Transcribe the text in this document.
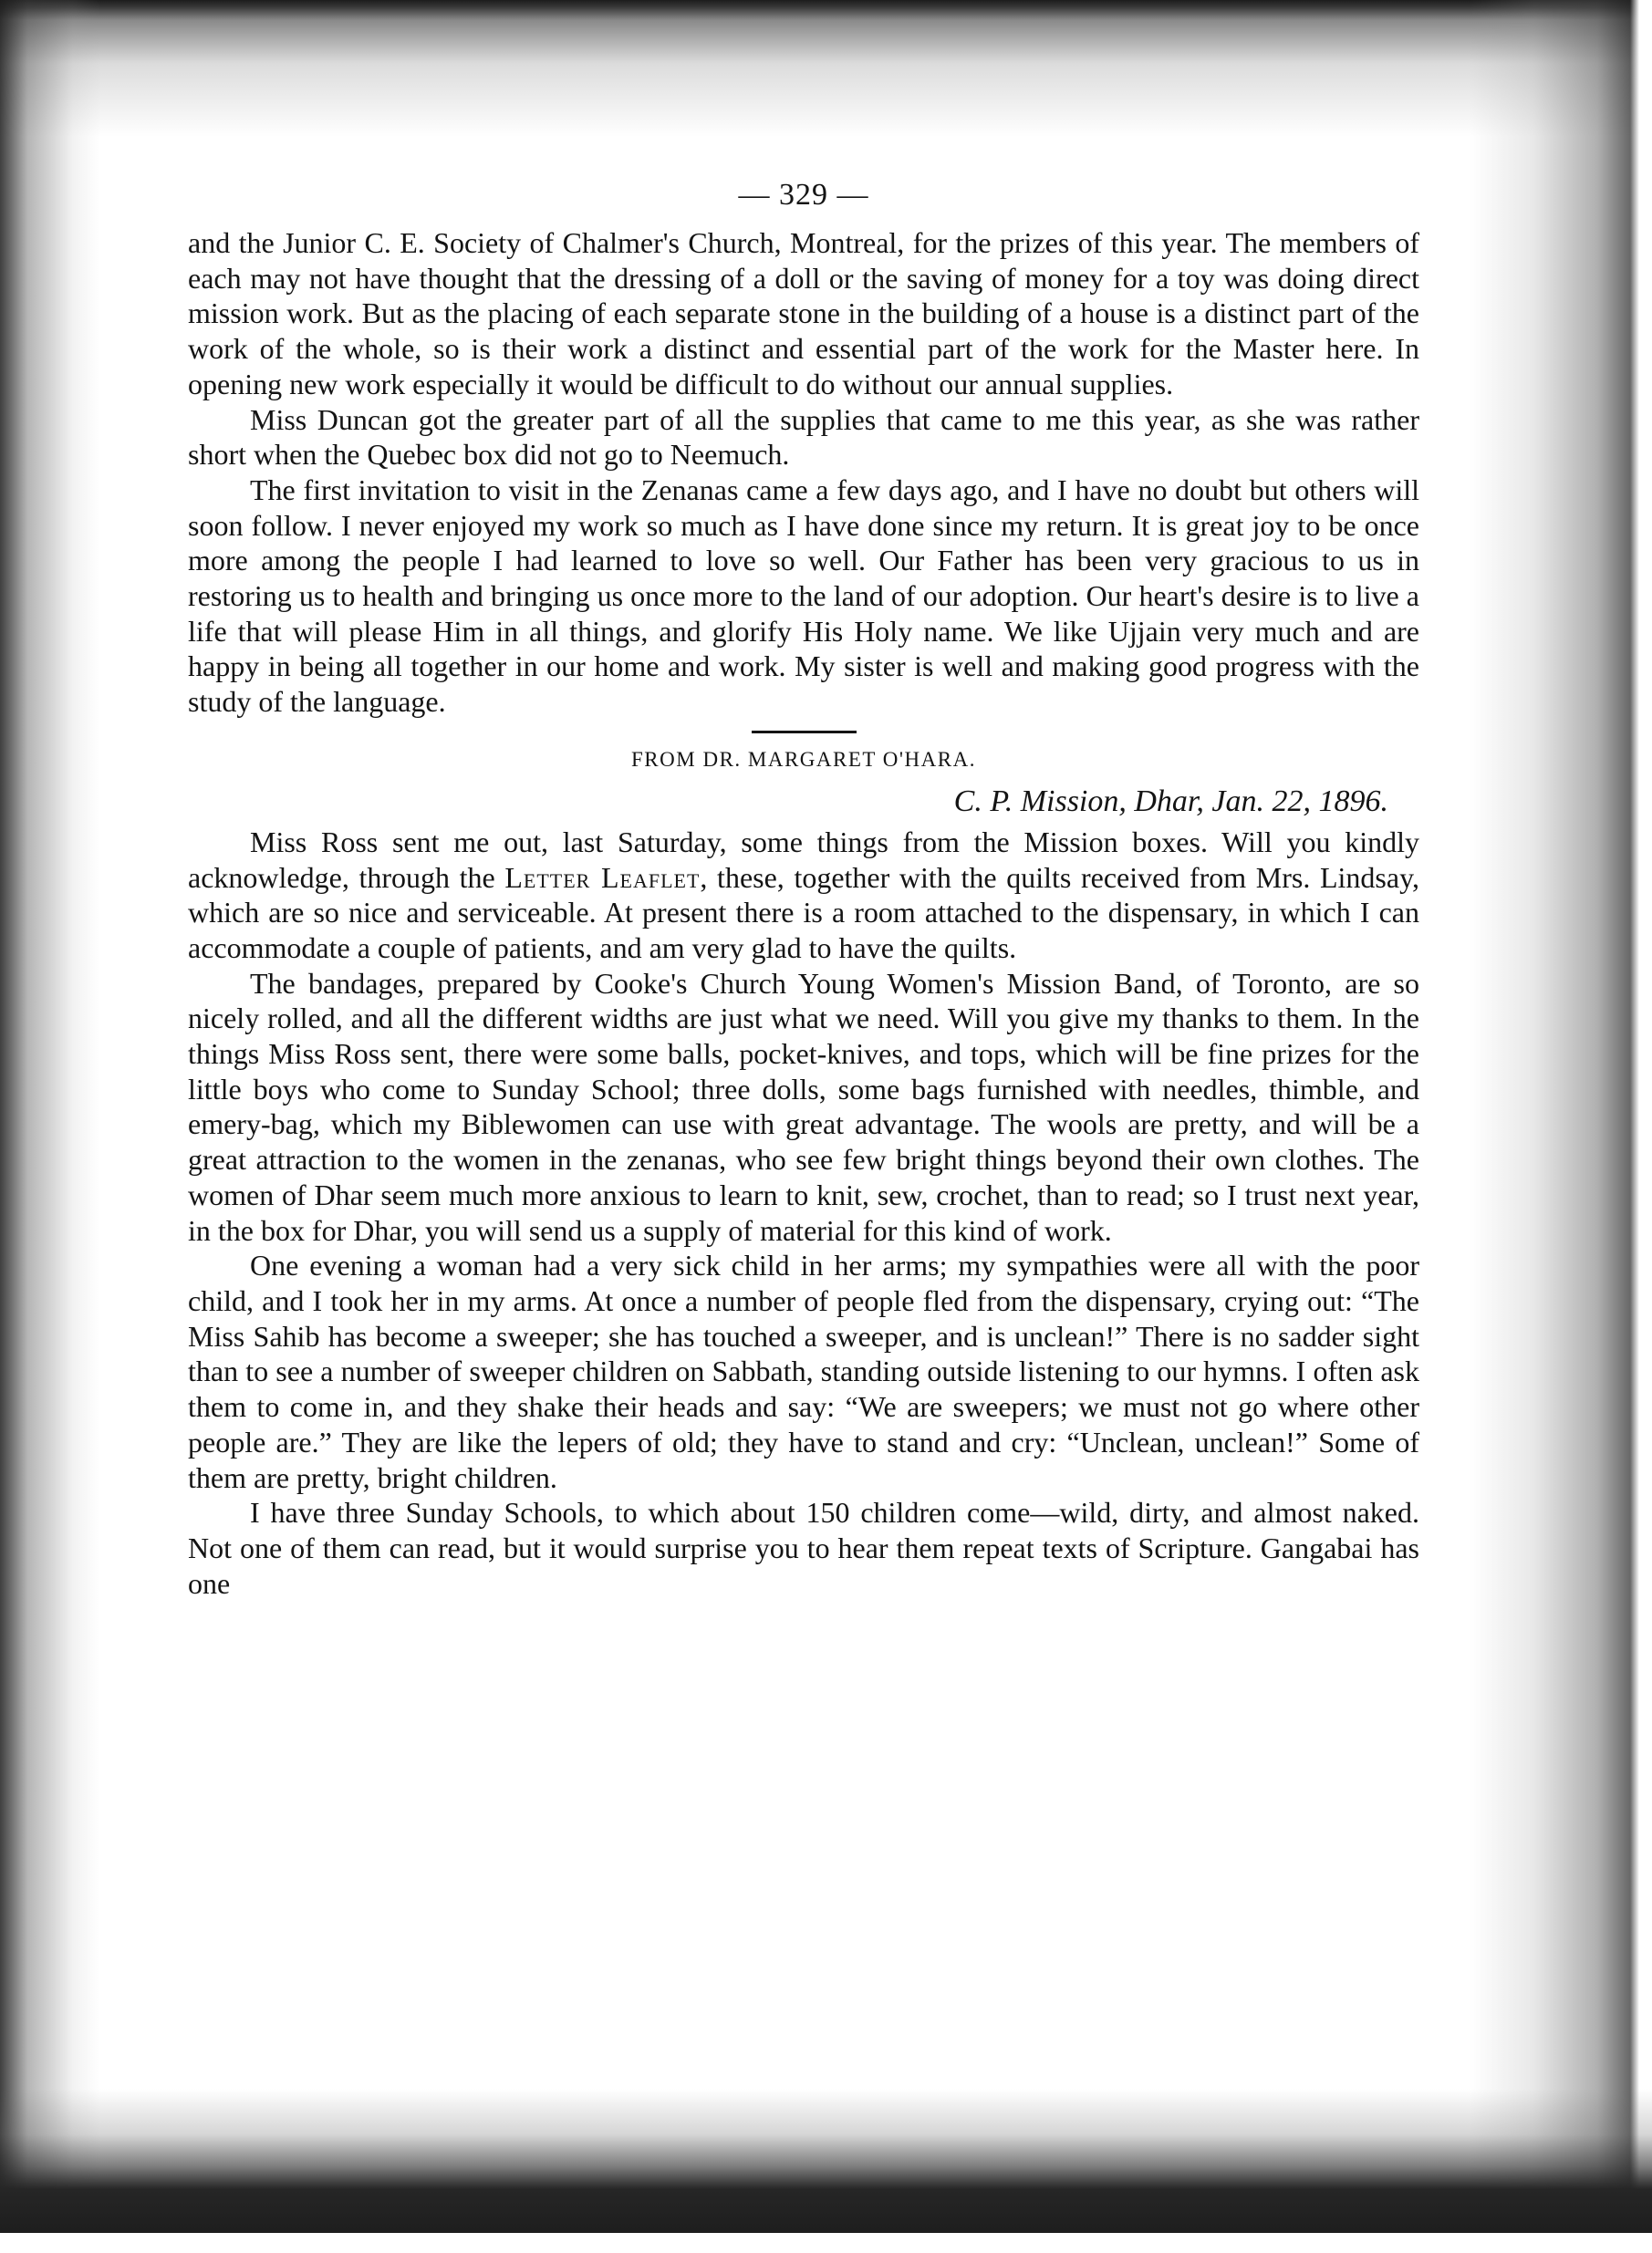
— 329 —

and the Junior C. E. Society of Chalmer's Church, Montreal, for the prizes of this year. The members of each may not have thought that the dressing of a doll or the saving of money for a toy was doing direct mission work. But as the placing of each separate stone in the building of a house is a distinct part of the work of the whole, so is their work a distinct and essential part of the work for the Master here. In opening new work especially it would be difficult to do without our annual supplies.

Miss Duncan got the greater part of all the supplies that came to me this year, as she was rather short when the Quebec box did not go to Neemuch.

The first invitation to visit in the Zenanas came a few days ago, and I have no doubt but others will soon follow. I never enjoyed my work so much as I have done since my return. It is great joy to be once more among the people I had learned to love so well. Our Father has been very gracious to us in restoring us to health and bringing us once more to the land of our adoption. Our heart's desire is to live a life that will please Him in all things, and glorify His Holy name. We like Ujjain very much and are happy in being all together in our home and work. My sister is well and making good progress with the study of the language.

FROM DR. MARGARET O'HARA.
C. P. Mission, Dhar, Jan. 22, 1896.

Miss Ross sent me out, last Saturday, some things from the Mission boxes. Will you kindly acknowledge, through the Letter Leaflet, these, together with the quilts received from Mrs. Lindsay, which are so nice and serviceable. At present there is a room attached to the dispensary, in which I can accommodate a couple of patients, and am very glad to have the quilts.

The bandages, prepared by Cooke's Church Young Women's Mission Band, of Toronto, are so nicely rolled, and all the different widths are just what we need. Will you give my thanks to them. In the things Miss Ross sent, there were some balls, pocket-knives, and tops, which will be fine prizes for the little boys who come to Sunday School; three dolls, some bags furnished with needles, thimble, and emery-bag, which my Biblewomen can use with great advantage. The wools are pretty, and will be a great attraction to the women in the zenanas, who see few bright things beyond their own clothes. The women of Dhar seem much more anxious to learn to knit, sew, crochet, than to read; so I trust next year, in the box for Dhar, you will send us a supply of material for this kind of work.

One evening a woman had a very sick child in her arms; my sympathies were all with the poor child, and I took her in my arms. At once a number of people fled from the dispensary, crying out: “The Miss Sahib has become a sweeper; she has touched a sweeper, and is unclean!” There is no sadder sight than to see a number of sweeper children on Sabbath, standing outside listening to our hymns. I often ask them to come in, and they shake their heads and say: “We are sweepers; we must not go where other people are.” They are like the lepers of old; they have to stand and cry: “Unclean, unclean!” Some of them are pretty, bright children.

I have three Sunday Schools, to which about 150 children come—wild, dirty, and almost naked. Not one of them can read, but it would surprise you to hear them repeat texts of Scripture. Gangabai has one
